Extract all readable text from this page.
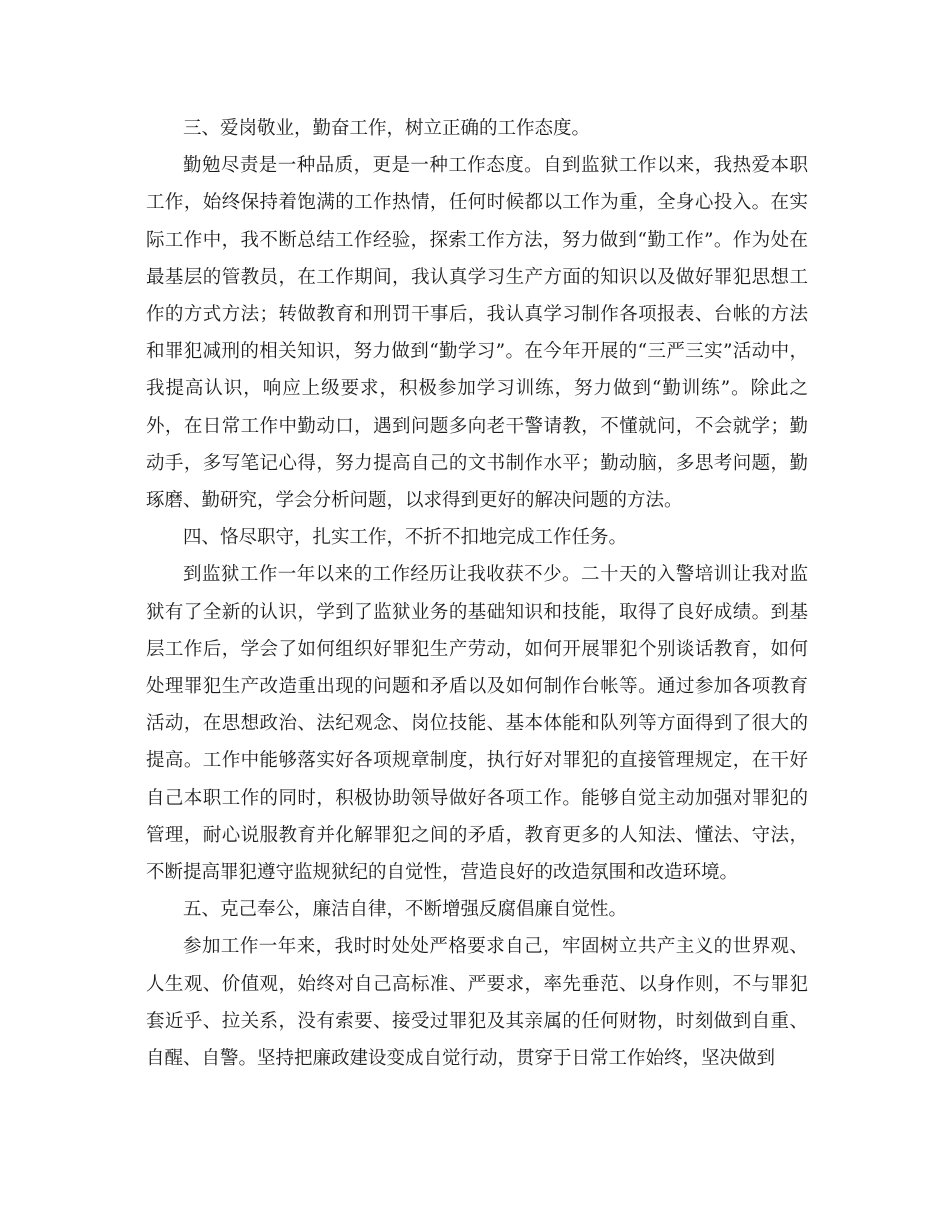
三、爱岗敬业，勤奋工作，树立正确的工作态度。

勤勉尽责是一种品质，更是一种工作态度。自到监狱工作以来，我热爱本职工作，始终保持着饱满的工作热情，任何时候都以工作为重，全身心投入。在实际工作中，我不断总结工作经验，探索工作方法，努力做到“勤工作”。作为处在最基层的管教员，在工作期间，我认真学习生产方面的知识以及做好罪犯思想工作的方式方法；转做教育和刑罚干事后，我认真学习制作各项报表、台帐的方法和罪犯减刑的相关知识，努力做到“勤学习”。在今年开展的“三严三实”活动中，我提高认识，响应上级要求，积极参加学习训练，努力做到“勤训练”。除此之外，在日常工作中勤动口，遇到问题多向老干警请教，不懂就问，不会就学；勤动手，多写笔记心得，努力提高自己的文书制作水平；勤动脑，多思考问题，勤琢磨、勤研究，学会分析问题，以求得到更好的解决问题的方法。

四、恪尽职守，扎实工作，不折不扣地完成工作任务。

到监狱工作一年以来的工作经历让我收获不少。二十天的入警培训让我对监狱有了全新的认识，学到了监狱业务的基础知识和技能，取得了良好成绩。到基层工作后，学会了如何组织好罪犯生产劳动，如何开展罪犯个别谈话教育，如何处理罪犯生产改造重出现的问题和矛盾以及如何制作台帐等。通过参加各项教育活动，在思想政治、法纪观念、岗位技能、基本体能和队列等方面得到了很大的提高。工作中能够落实好各项规章制度，执行好对罪犯的直接管理规定，在干好自己本职工作的同时，积极协助领导做好各项工作。能够自觉主动加强对罪犯的管理，耐心说服教育并化解罪犯之间的矛盾，教育更多的人知法、懂法、守法，不断提高罪犯遵守监规狱纪的自觉性，营造良好的改造氛围和改造环境。

五、克己奉公，廉洁自律，不断增强反腐倡廉自觉性。

参加工作一年来，我时时处处严格要求自己，牢固树立共产主义的世界观、人生观、价值观，始终对自己高标准、严要求，率先垂范、以身作则，不与罪犯套近乎、拉关系，没有索要、接受过罪犯及其亲属的任何财物，时刻做到自重、自醒、自警。坚持把廉政建设变成自觉行动，贯穿于日常工作始终，坚决做到
